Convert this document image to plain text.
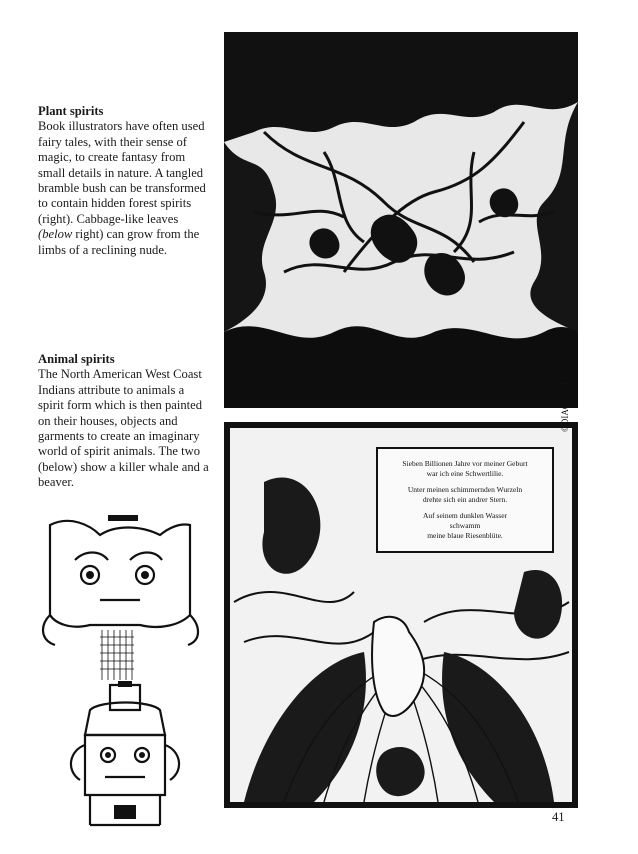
Plant spirits
Book illustrators have often used fairy tales, with their sense of magic, to create fantasy from small details in nature. A tangled bramble bush can be transformed to contain hidden forest spirits (right). Cabbage-like leaves (below right) can grow from the limbs of a reclining nude.
Animal spirits
The North American West Coast Indians attribute to animals a spirit form which is then painted on their houses, objects and garments to create an imaginary world of spirit animals. The two (below) show a killer whale and a beaver.
Sieben Billionen Jahre vor meiner Geburt
war ich eine Schwertlilie.
Unter meinen schimmernden Wurzeln
drehte sich ein andrer Stern.
Auf seinem dunklen Wasser
schwamm
meine blaue Riesenblüte.
©DIAGRAM
41
